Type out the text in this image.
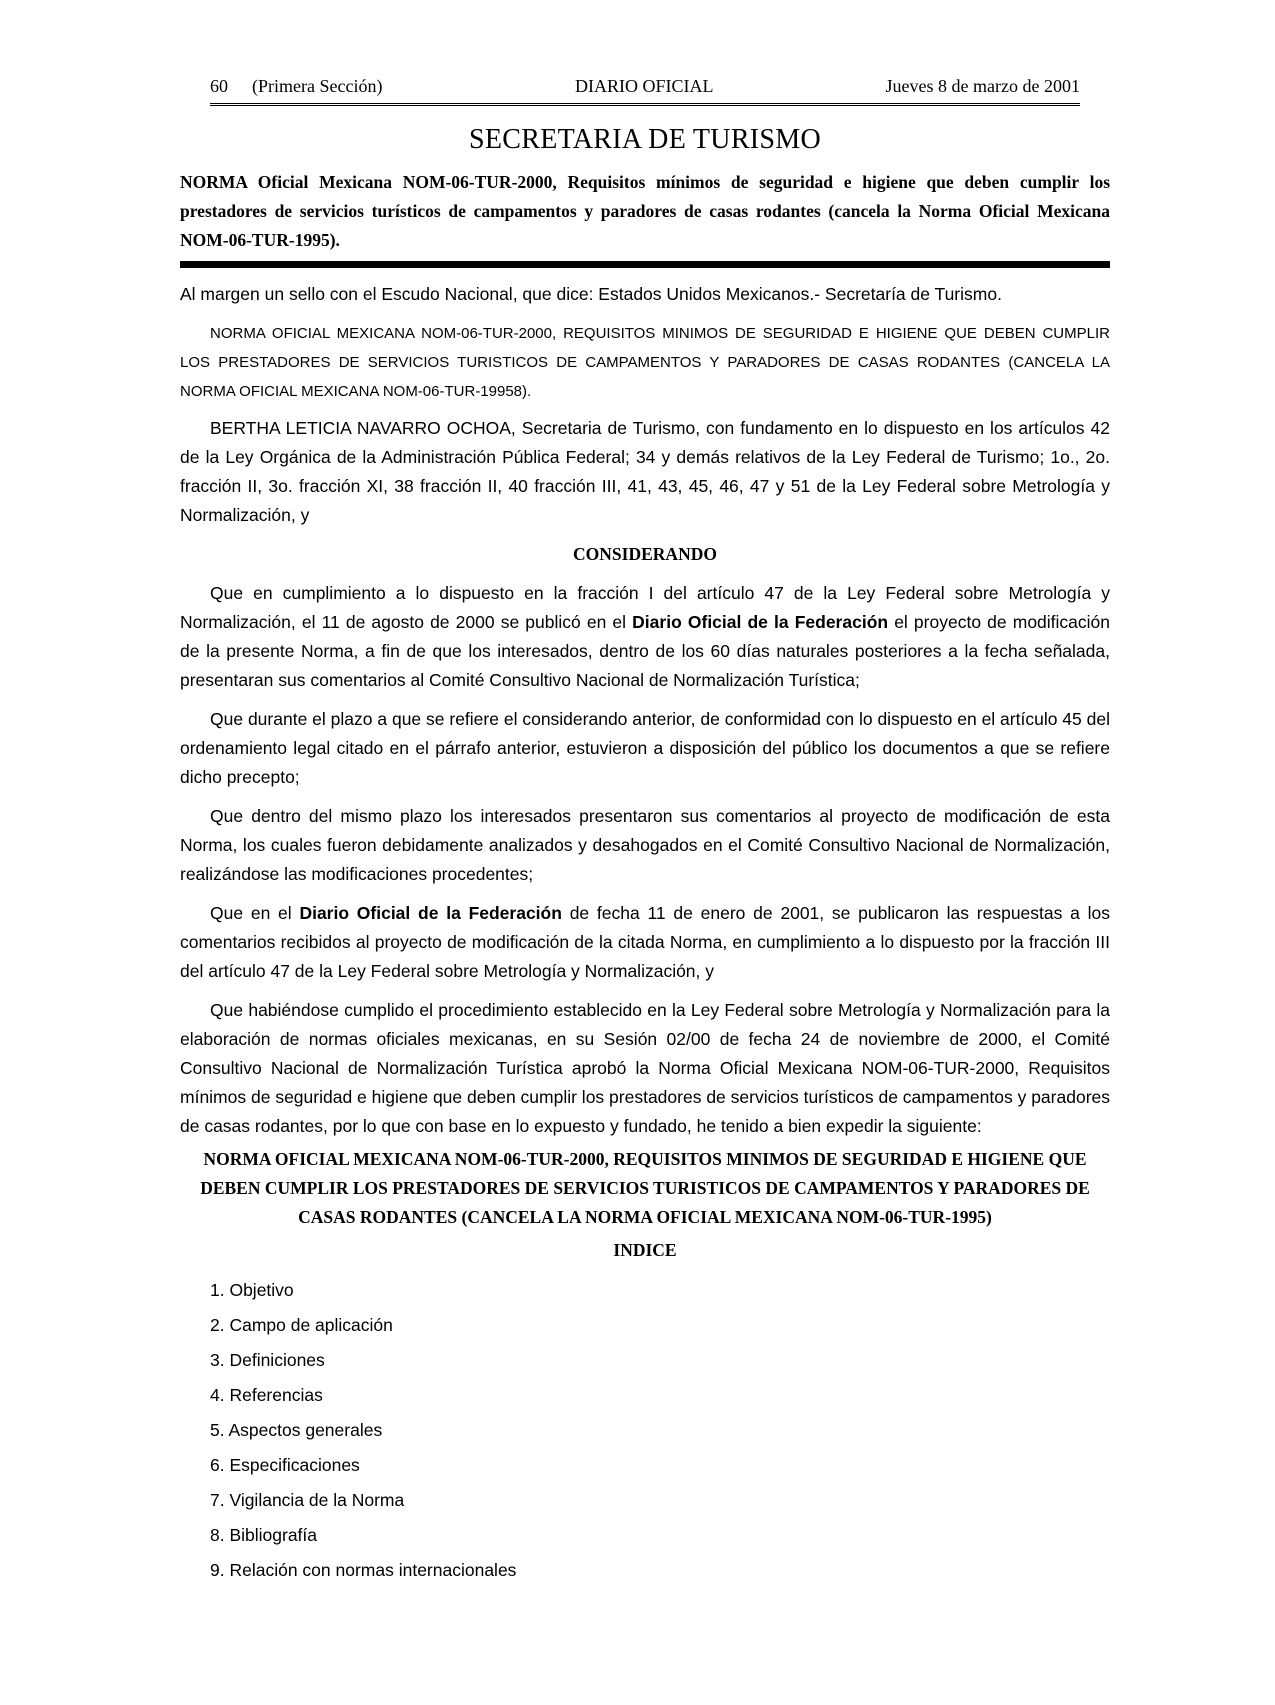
60 (Primera Sección)	DIARIO OFICIAL	Jueves 8 de marzo de 2001
SECRETARIA DE TURISMO

NORMA Oficial Mexicana NOM-06-TUR-2000, Requisitos mínimos de seguridad e higiene que deben cumplir los prestadores de servicios turísticos de campamentos y paradores de casas rodantes (cancela la Norma Oficial Mexicana NOM-06-TUR-1995).

Al margen un sello con el Escudo Nacional, que dice: Estados Unidos Mexicanos.- Secretaría de Turismo.

NORMA OFICIAL MEXICANA NOM-06-TUR-2000, REQUISITOS MINIMOS DE SEGURIDAD E HIGIENE QUE DEBEN CUMPLIR LOS PRESTADORES DE SERVICIOS TURISTICOS DE CAMPAMENTOS Y PARADORES DE CASAS RODANTES (CANCELA LA NORMA OFICIAL MEXICANA NOM-06-TUR-19958).

BERTHA LETICIA NAVARRO OCHOA, Secretaria de Turismo, con fundamento en lo dispuesto en los artículos 42 de la Ley Orgánica de la Administración Pública Federal; 34 y demás relativos de la Ley Federal de Turismo; 1o., 2o. fracción II, 3o. fracción XI, 38 fracción II, 40 fracción III, 41, 43, 45, 46, 47 y 51 de la Ley Federal sobre Metrología y Normalización, y

CONSIDERANDO

Que en cumplimiento a lo dispuesto en la fracción I del artículo 47 de la Ley Federal sobre Metrología y Normalización, el 11 de agosto de 2000 se publicó en el Diario Oficial de la Federación el proyecto de modificación de la presente Norma, a fin de que los interesados, dentro de los 60 días naturales posteriores a la fecha señalada, presentaran sus comentarios al Comité Consultivo Nacional de Normalización Turística;

Que durante el plazo a que se refiere el considerando anterior, de conformidad con lo dispuesto en el artículo 45 del ordenamiento legal citado en el párrafo anterior, estuvieron a disposición del público los documentos a que se refiere dicho precepto;

Que dentro del mismo plazo los interesados presentaron sus comentarios al proyecto de modificación de esta Norma, los cuales fueron debidamente analizados y desahogados en el Comité Consultivo Nacional de Normalización, realizándose las modificaciones procedentes;

Que en el Diario Oficial de la Federación de fecha 11 de enero de 2001, se publicaron las respuestas a los comentarios recibidos al proyecto de modificación de la citada Norma, en cumplimiento a lo dispuesto por la fracción III del artículo 47 de la Ley Federal sobre Metrología y Normalización, y

Que habiéndose cumplido el procedimiento establecido en la Ley Federal sobre Metrología y Normalización para la elaboración de normas oficiales mexicanas, en su Sesión 02/00 de fecha 24 de noviembre de 2000, el Comité Consultivo Nacional de Normalización Turística aprobó la Norma Oficial Mexicana NOM-06-TUR-2000, Requisitos mínimos de seguridad e higiene que deben cumplir los prestadores de servicios turísticos de campamentos y paradores de casas rodantes, por lo que con base en lo expuesto y fundado, he tenido a bien expedir la siguiente:

NORMA OFICIAL MEXICANA NOM-06-TUR-2000, REQUISITOS MINIMOS DE SEGURIDAD E HIGIENE QUE DEBEN CUMPLIR LOS PRESTADORES DE SERVICIOS TURISTICOS DE CAMPAMENTOS Y PARADORES DE CASAS RODANTES (CANCELA LA NORMA OFICIAL MEXICANA NOM-06-TUR-1995)
INDICE
1. Objetivo
2. Campo de aplicación
3. Definiciones
4. Referencias
5. Aspectos generales
6. Especificaciones
7. Vigilancia de la Norma
8. Bibliografía
9. Relación con normas internacionales
